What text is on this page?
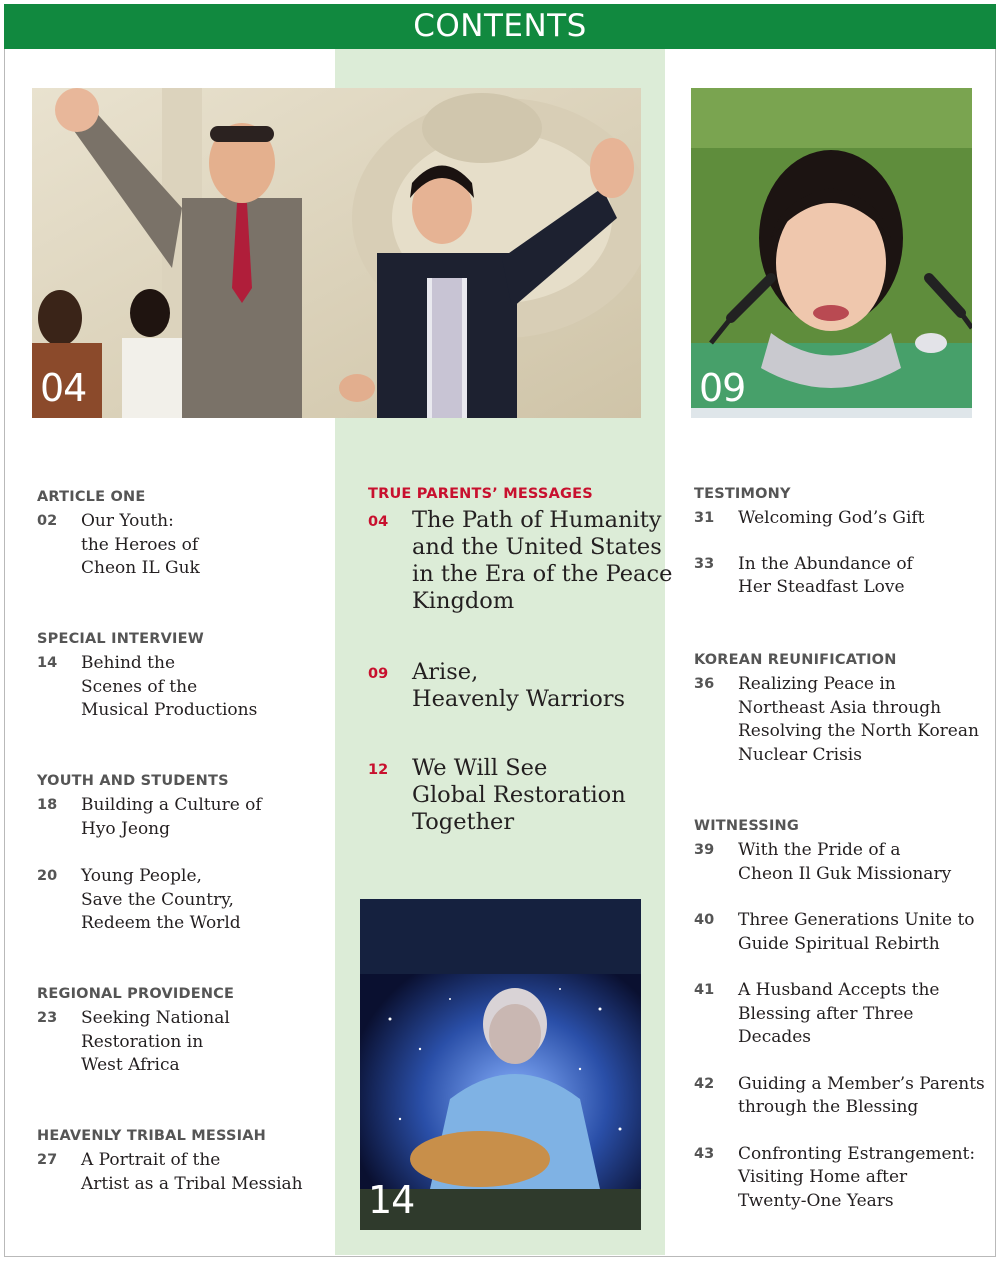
CONTENTS
04	09
14
ARTICLE ONE
02	Our Youth:
the Heroes of
Cheon IL Guk
SPECIAL INTERVIEW
14	Behind the
Scenes of the
Musical Productions
YOUTH AND STUDENTS
18	Building a Culture of
Hyo Jeong
20	Young People,
Save the Country,
Redeem the World
REGIONAL PROVIDENCE
23	Seeking National
Restoration in
West Africa
HEAVENLY TRIBAL MESSIAH
27	A Portrait of the
Artist as a Tribal Messiah
TRUE PARENTS’ MESSAGES
04	The Path of Humanity
and the United States
in the Era of the Peace
Kingdom
09	Arise,
Heavenly Warriors
12	We Will See
Global Restoration
Together
TESTIMONY
31	Welcoming God’s Gift
33	In the Abundance of
Her Steadfast Love
KOREAN REUNIFICATION
36	Realizing Peace in
Northeast Asia through
Resolving the North Korean
Nuclear Crisis
WITNESSING
39	With the Pride of a
Cheon Il Guk Missionary
40	Three Generations Unite to
Guide Spiritual Rebirth
41	A Husband Accepts the
Blessing after Three
Decades
42	Guiding a Member’s Parents
through the Blessing
43	Confronting Estrangement:
Visiting Home after
Twenty-One Years
